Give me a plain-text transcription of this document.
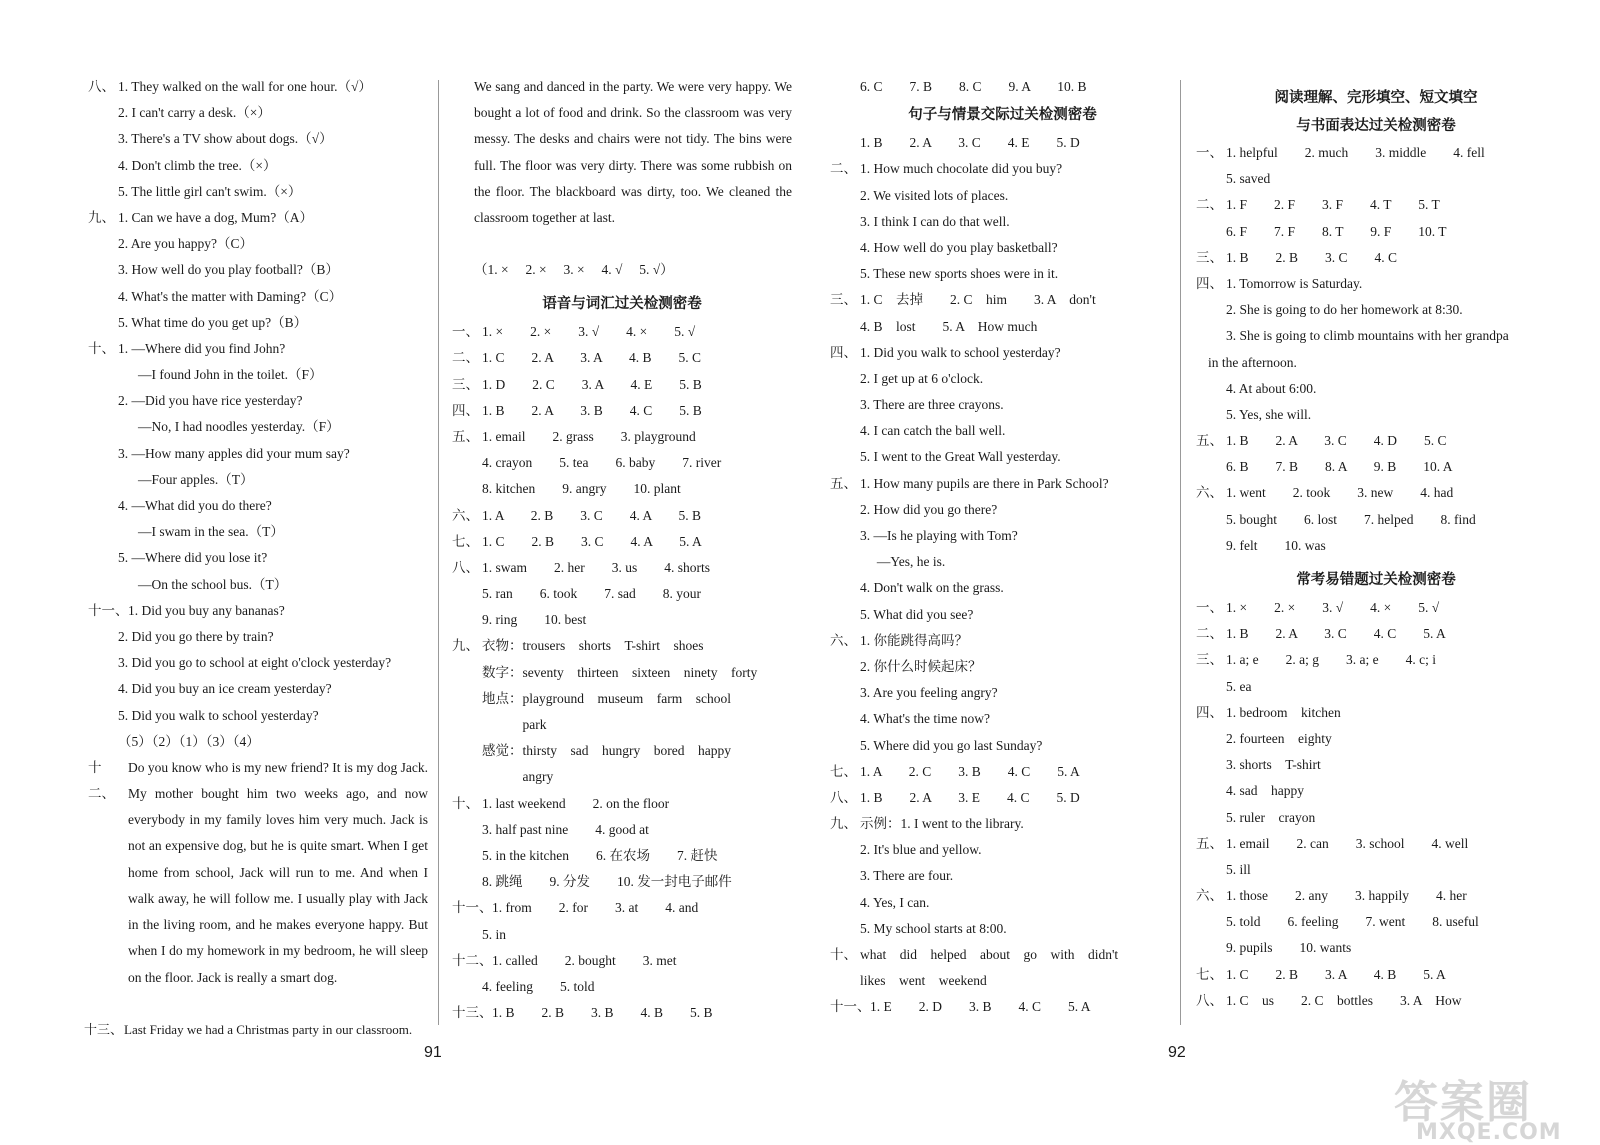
八、 1. They walked on the wall for one hour.（√）
2. I can't carry a desk.（×）
3. There's a TV show about dogs.（√）
4. Don't climb the tree.（×）
5. The little girl can't swim.（×）
九、 1. Can we have a dog, Mum?（A）
2. Are you happy?（C）
3. How well do you play football?（B）
4. What's the matter with Daming?（C）
5. What time do you get up?（B）
十、 1. —Where did you find John?
—I found John in the toilet.（F）
2. —Did you have rice yesterday?
—No, I had noodles yesterday.（F）
3. —How many apples did your mum say?
—Four apples.（T）
4. —What did you do there?
—I swam in the sea.（T）
5. —Where did you lose it?
—On the school bus.（T）
十一、 1. Did you buy any bananas?
2. Did you go there by train?
3. Did you go to school at eight o'clock yesterday?
4. Did you buy an ice cream yesterday?
5. Did you walk to school yesterday?
（5）（2）（1）（3）（4）
十二、
Do you know who is my new friend? It is my dog Jack. My mother bought him two weeks ago, and now everybody in my family loves him very much. Jack is not an expensive dog, but he is quite smart. When I get home from school, Jack will run to me. And when I walk away, he will follow me. I usually play with Jack in the living room, and he makes everyone happy. But when I do my homework in my bedroom, he will sleep on the floor. Jack is really a smart dog.
十三、 Last Friday we had a Christmas party in our classroom.
We sang and danced in the party. We were very happy. We bought a lot of food and drink. So the classroom was very messy. The desks and chairs were not tidy. The bins were full. The floor was very dirty. There was some rubbish on the floor. The blackboard was dirty, too. We cleaned the classroom together at last.
（1. ×　 2. ×　 3. ×　 4. √　 5. √）
语音与词汇过关检测密卷
一、 1. ×　　2. ×　　3. √　　4. ×　　5. √
二、 1. C　　2. A　　3. A　　4. B　　5. C
三、 1. D　　2. C　　3. A　　4. E　　5. B
四、 1. B　　2. A　　3. B　　4. C　　5. B
五、 1. email　　2. grass　　3. playground
4. crayon　　5. tea　　6. baby　　7. river
8. kitchen　　9. angry　　10. plant
六、 1. A　　2. B　　3. C　　4. A　　5. B
七、 1. C　　2. B　　3. C　　4. A　　5. A
八、 1. swam　　2. her　　3. us　　4. shorts
5. ran　　6. took　　7. sad　　8. your
9. ring　　10. best
九、 衣物：trousers　shorts　T-shirt　shoes
数字：seventy　thirteen　sixteen　ninety　forty
地点：playground　museum　farm　school
　　　park
感觉：thirsty　sad　hungry　bored　happy
　　　angry
十、 1. last weekend　　2. on the floor
3. half past nine　　4. good at
5. in the kitchen　　6. 在农场　　7. 赶快
8. 跳绳　　9. 分发　　10. 发一封电子邮件
十一、 1. from　　2. for　　3. at　　4. and
5. in
十二、 1. called　　2. bought　　3. met
4. feeling　　5. told
十三、 1. B　　2. B　　3. B　　4. B　　5. B
6. C　　7. B　　8. C　　9. A　　10. B
句子与情景交际过关检测密卷
1. B　　2. A　　3. C　　4. E　　5. D
二、 1. How much chocolate did you buy?
2. We visited lots of places.
3. I think I can do that well.
4. How well do you play basketball?
5. These new sports shoes were in it.
三、 1. C　去掉　　2. C　him　　3. A　don't
4. B　lost　　5. A　How much
四、 1. Did you walk to school yesterday?
2. I get up at 6 o'clock.
3. There are three crayons.
4. I can catch the ball well.
5. I went to the Great Wall yesterday.
五、 1. How many pupils are there in Park School?
2. How did you go there?
3. —Is he playing with Tom?
　 —Yes, he is.
4. Don't walk on the grass.
5. What did you see?
六、 1. 你能跳得高吗？
2. 你什么时候起床？
3. Are you feeling angry?
4. What's the time now?
5. Where did you go last Sunday?
七、 1. A　　2. C　　3. B　　4. C　　5. A
八、 1. B　　2. A　　3. E　　4. C　　5. D
九、 示例：1. I went to the library.
2. It's blue and yellow.
3. There are four.
4. Yes, I can.
5. My school starts at 8:00.
十、 what　did　helped　about　go　with　didn't
likes　went　weekend
十一、 1. E　　2. D　　3. B　　4. C　　5. A
阅读理解、完形填空、短文填空
与书面表达过关检测密卷
一、 1. helpful　　2. much　　3. middle　　4. fell
5. saved
二、 1. F　　2. F　　3. F　　4. T　　5. T
6. F　　7. F　　8. T　　9. F　　10. T
三、 1. B　　2. B　　3. C　　4. C
四、 1. Tomorrow is Saturday.
2. She is going to do her homework at 8:30.
3. She is going to climb mountains with her grandpa
in the afternoon.
4. At about 6:00.
5. Yes, she will.
五、 1. B　　2. A　　3. C　　4. D　　5. C
6. B　　7. B　　8. A　　9. B　　10. A
六、 1. went　　2. took　　3. new　　4. had
5. bought　　6. lost　　7. helped　　8. find
9. felt　　10. was
常考易错题过关检测密卷
一、 1. ×　　2. ×　　3. √　　4. ×　　5. √
二、 1. B　　2. A　　3. C　　4. C　　5. A
三、 1. a; e　　2. a; g　　3. a; e　　4. c; i
5. ea
四、 1. bedroom　kitchen
2. fourteen　eighty
3. shorts　T-shirt
4. sad　happy
5. ruler　crayon
五、 1. email　　2. can　　3. school　　4. well
5. ill
六、 1. those　　2. any　　3. happily　　4. her
5. told　　6. feeling　　7. went　　8. useful
9. pupils　　10. wants
七、 1. C　　2. B　　3. A　　4. B　　5. A
八、 1. C　us　　2. C　bottles　　3. A　How
91	92
答案圈
MXQE.COM
